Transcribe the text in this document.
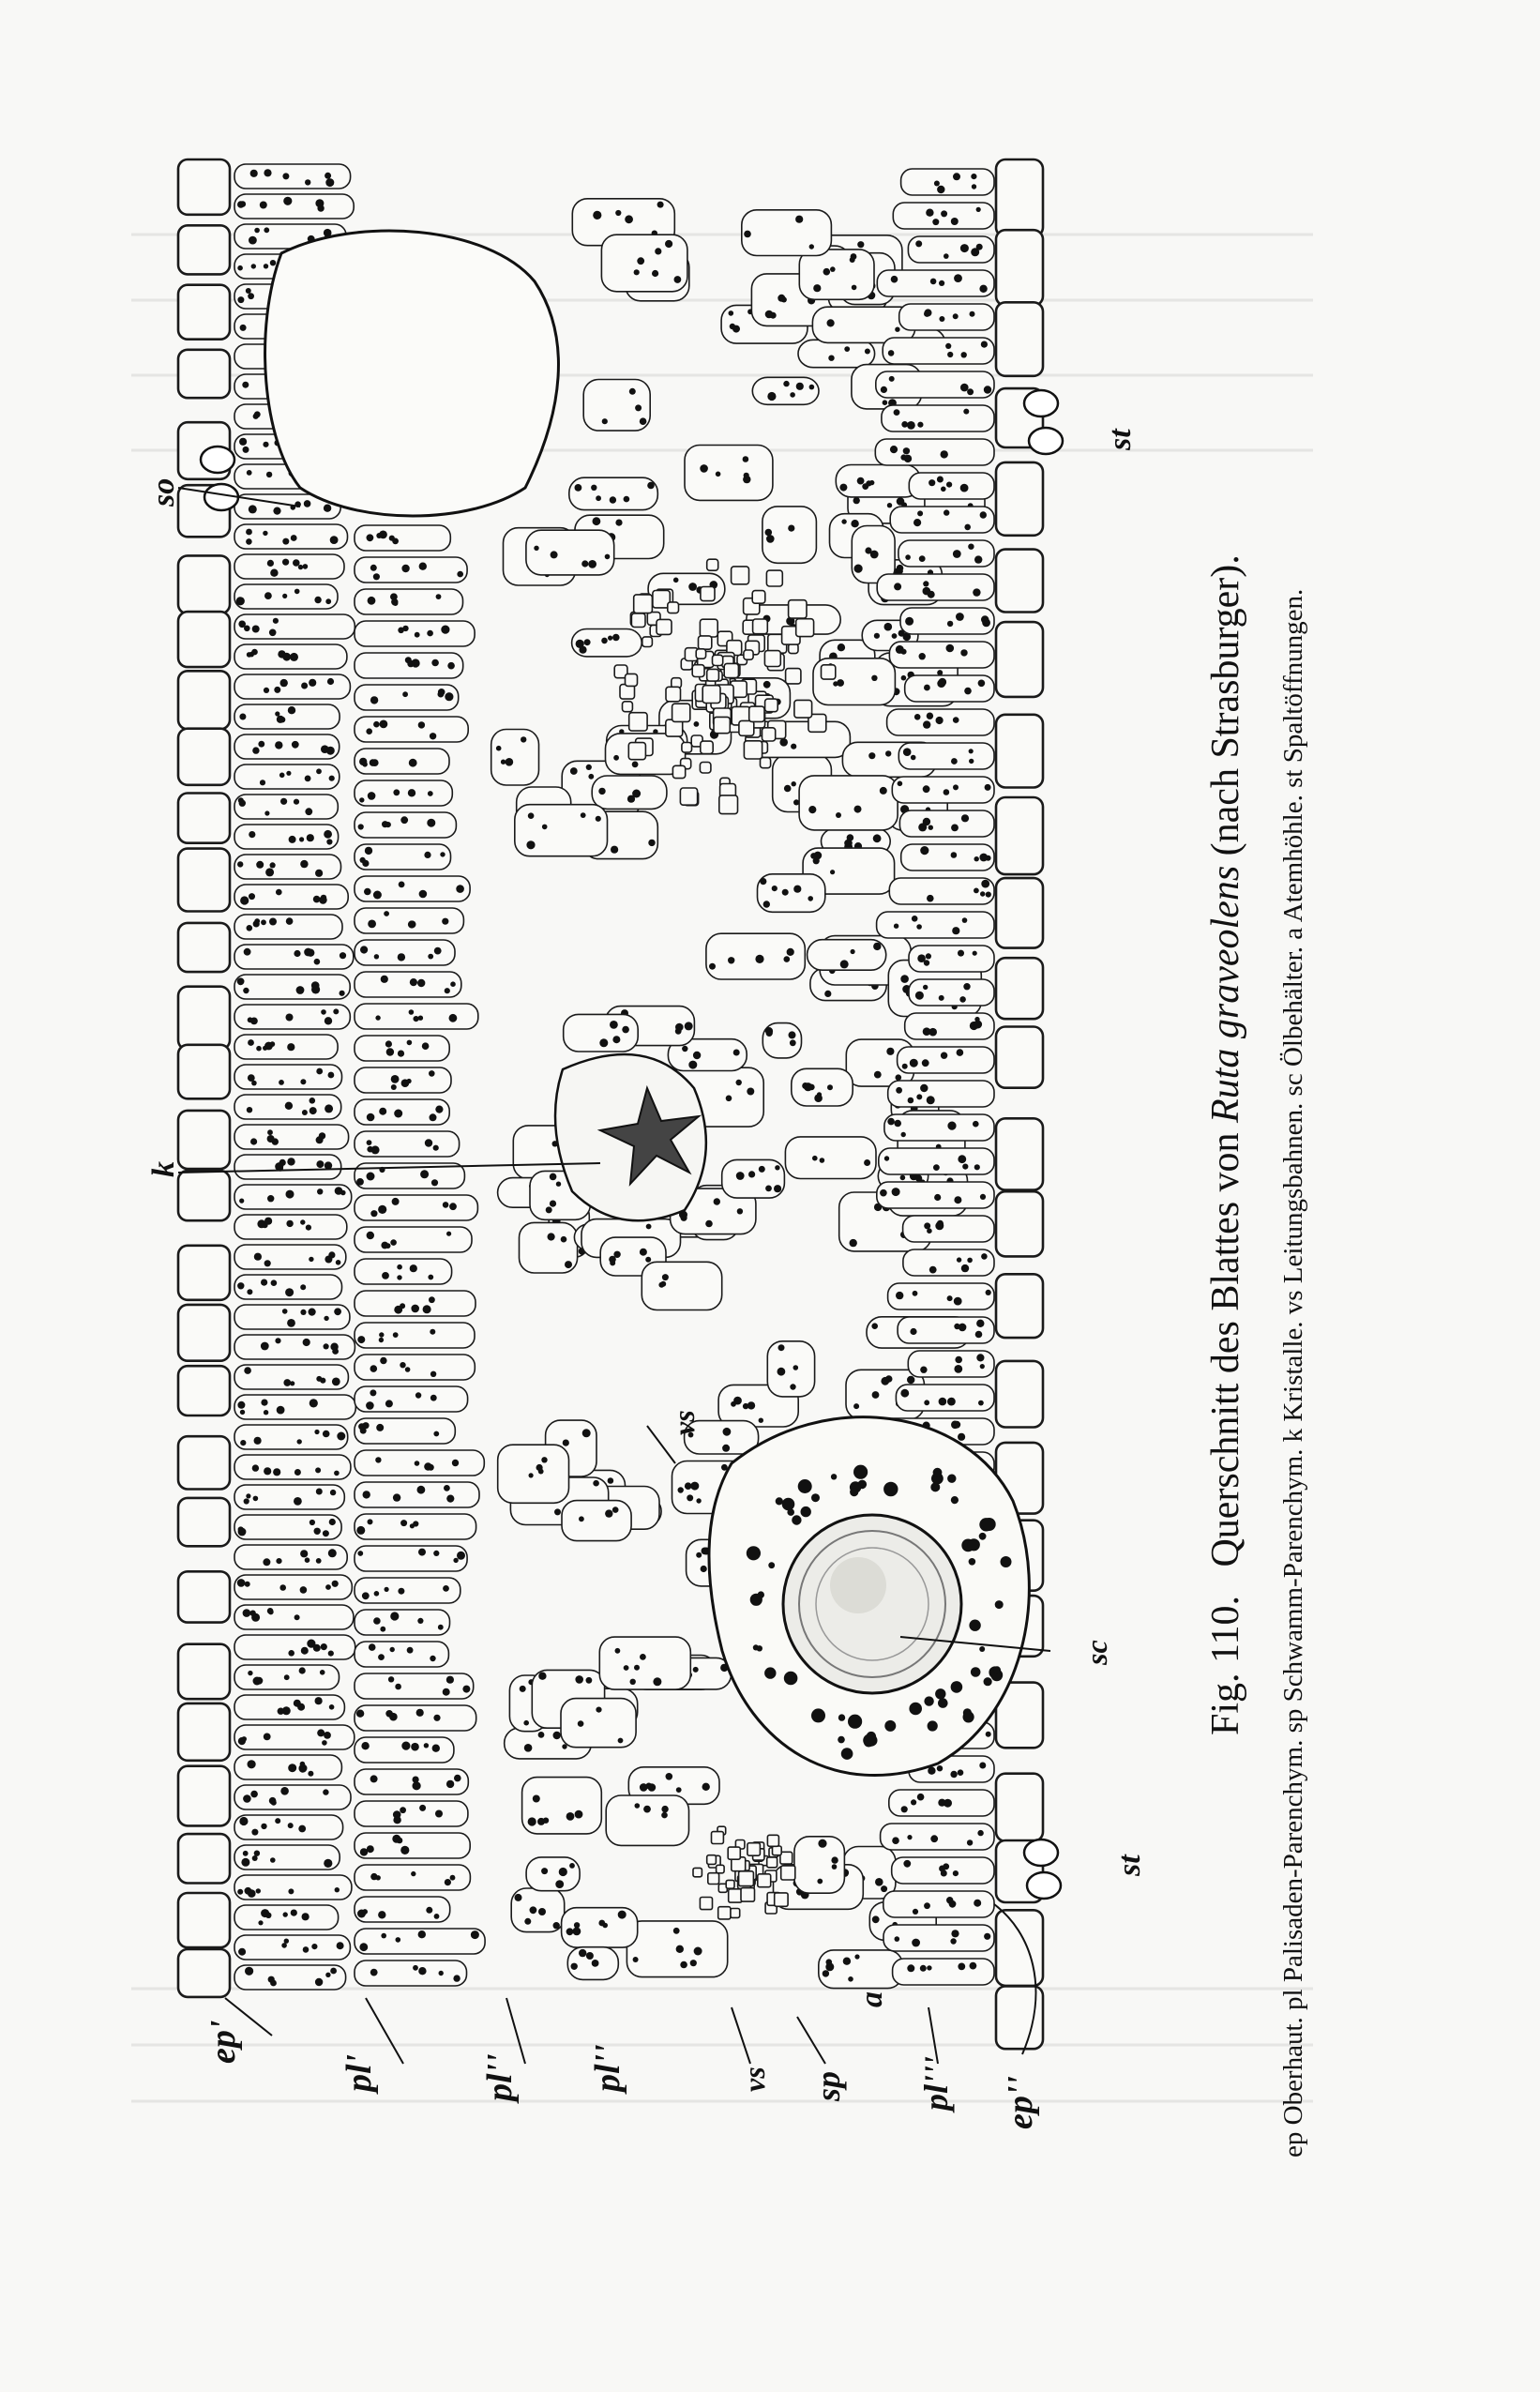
so
k
vs
sc
st
st
ep'
pl'	pl'' pl''	vs sp pl'''
a
ep''
Fig. 110. Querschnitt des Blattes von Ruta graveolens (nach Strasburger). ep Oberhaut. pl Palisaden-Parenchym. sp Schwamm-Parenchym. k Kristalle. vs Leitungsbahnen. sc Ölbehälter. a Atemhöhle. st Spaltöffnungen.
